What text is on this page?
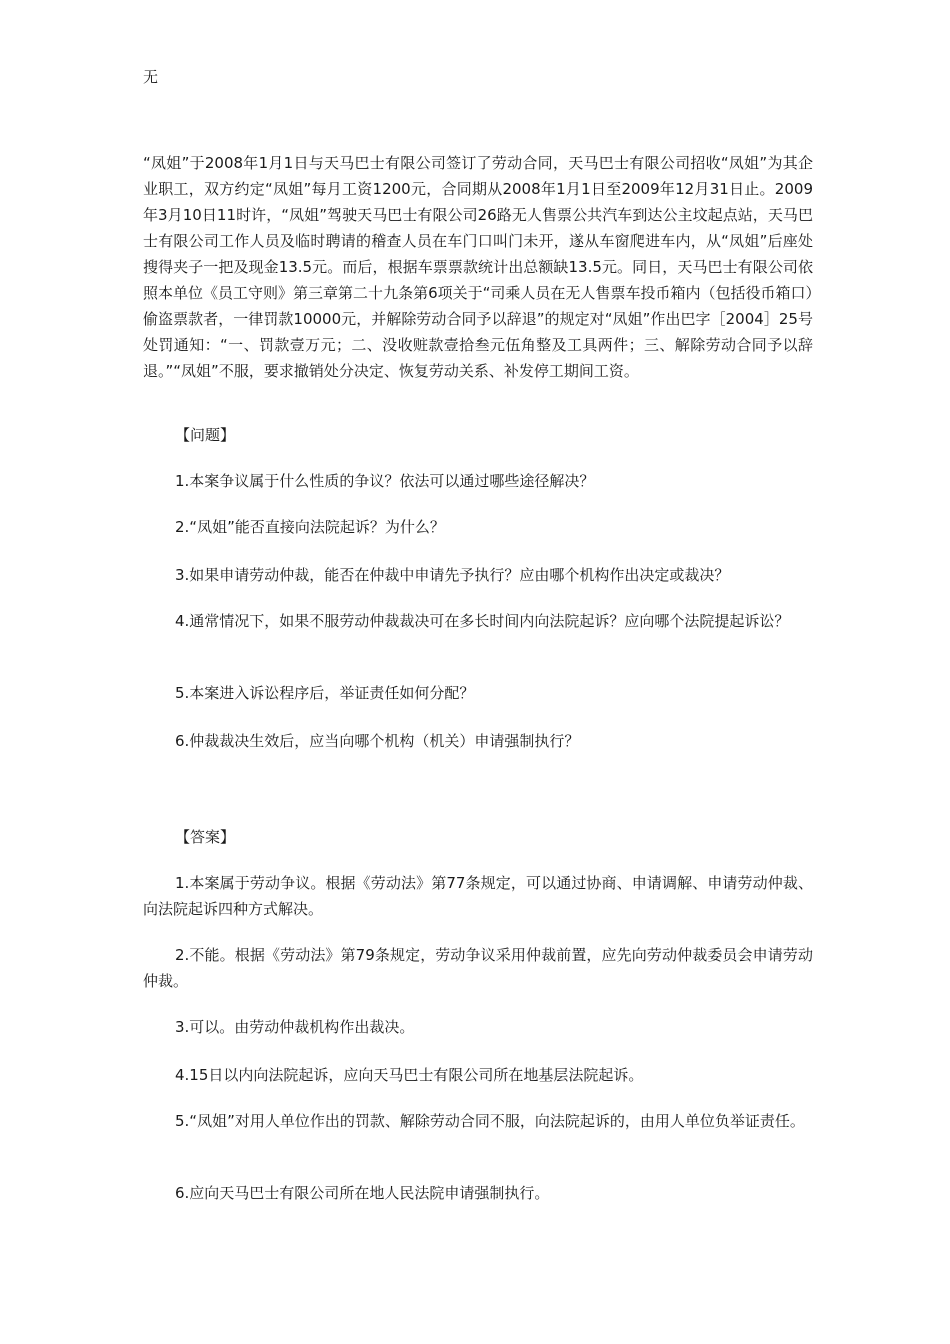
无

“凤姐”于2008年1月1日与天马巴士有限公司签订了劳动合同，天马巴士有限公司招收“凤姐”为其企业职工，双方约定“凤姐”每月工资1200元，合同期从2008年1月1日至2009年12月31日止。2009年3月10日11时许，“凤姐”驾驶天马巴士有限公司26路无人售票公共汽车到达公主坟起点站，天马巴士有限公司工作人员及临时聘请的稽查人员在车门口叫门未开，遂从车窗爬进车内，从“凤姐”后座处搜得夹子一把及现金13.5元。而后，根据车票票款统计出总额缺13.5元。同日，天马巴士有限公司依照本单位《员工守则》第三章第二十九条第6项关于“司乘人员在无人售票车投币箱内（包括役币箱口）偷盗票款者，一律罚款10000元，并解除劳动合同予以辞退”的规定对“凤姐”作出巴字［2004］25号处罚通知：“一、罚款壹万元；二、没收赃款壹拾叁元伍角整及工具两件；三、解除劳动合同予以辞退。”“凤姐”不服，要求撤销处分决定、恢复劳动关系、补发停工期间工资。

【问题】

1.本案争议属于什么性质的争议？依法可以通过哪些途径解决？

2.“凤姐”能否直接向法院起诉？为什么？

3.如果申请劳动仲裁，能否在仲裁中申请先予执行？应由哪个机构作出决定或裁决？

4.通常情况下，如果不服劳动仲裁裁决可在多长时间内向法院起诉？应向哪个法院提起诉讼？

5.本案进入诉讼程序后，举证责任如何分配？

6.仲裁裁决生效后，应当向哪个机构（机关）申请强制执行？

【答案】

1.本案属于劳动争议。根据《劳动法》第77条规定，可以通过协商、申请调解、申请劳动仲裁、向法院起诉四种方式解决。

2.不能。根据《劳动法》第79条规定，劳动争议采用仲裁前置，应先向劳动仲裁委员会申请劳动仲裁。

3.可以。由劳动仲裁机构作出裁决。

4.15日以内向法院起诉，应向天马巴士有限公司所在地基层法院起诉。

5.“凤姐”对用人单位作出的罚款、解除劳动合同不服，向法院起诉的，由用人单位负举证责任。

6.应向天马巴士有限公司所在地人民法院申请强制执行。
